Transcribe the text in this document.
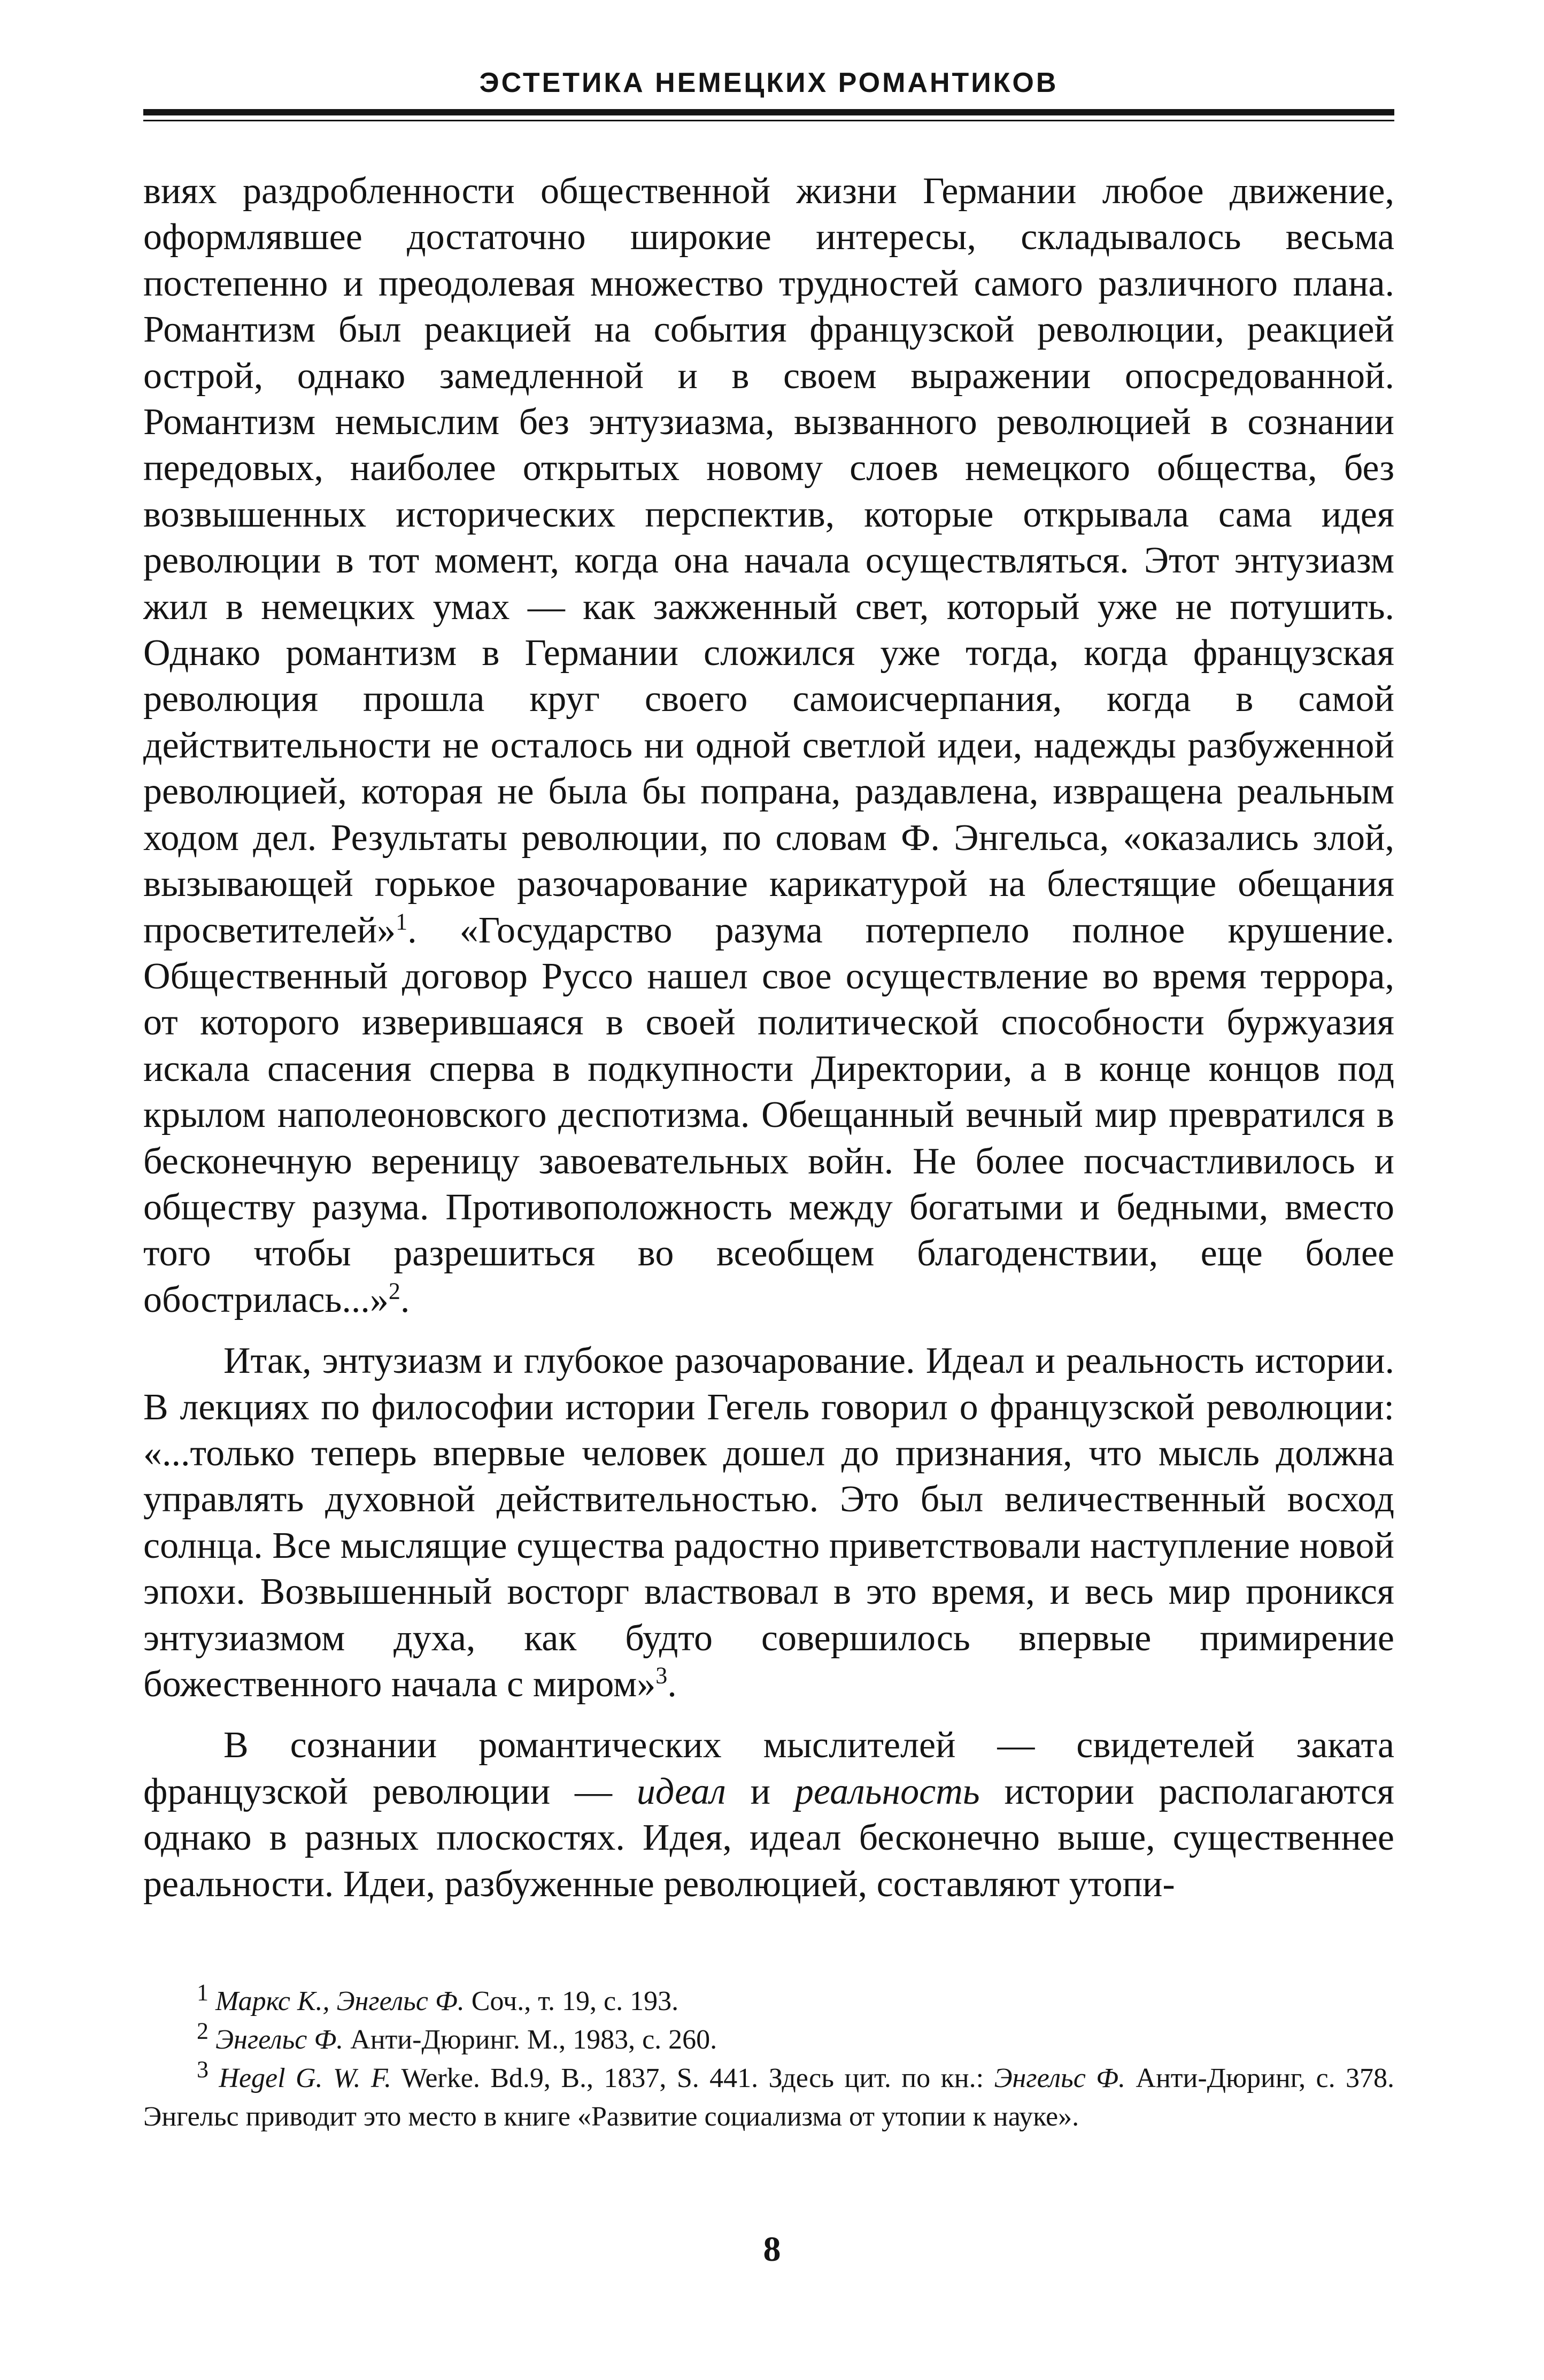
ЭСТЕТИКА НЕМЕЦКИХ РОМАНТИКОВ

виях раздробленности общественной жизни Германии любое движение, оформлявшее достаточно широкие интересы, складывалось весьма постепенно и преодолевая множество трудностей самого различного плана. Романтизм был реакцией на события французской революции, реакцией острой, однако замедленной и в своем выражении опосредованной. Романтизм немыслим без энтузиазма, вызванного революцией в сознании передовых, наиболее открытых новому слоев немецкого общества, без возвышенных исторических перспектив, которые открывала сама идея революции в тот момент, когда она начала осуществляться. Этот энтузиазм жил в немецких умах — как зажженный свет, который уже не потушить. Однако романтизм в Германии сложился уже тогда, когда французская революция прошла круг своего самоисчерпания, когда в самой действительности не осталось ни одной светлой идеи, надежды разбуженной революцией, которая не была бы попрана, раздавлена, извращена реальным ходом дел. Результаты революции, по словам Ф. Энгельса, «оказались злой, вызывающей горькое разочарование карикатурой на блестящие обещания просветителей»$^1$. «Государство разума потерпело полное крушение. Общественный договор Руссо нашел свое осуществление во время террора, от которого изверившаяся в своей политической способности буржуазия искала спасения сперва в подкупности Директории, а в конце концов под крылом наполеоновского деспотизма. Обещанный вечный мир превратился в бесконечную вереницу завоевательных войн. Не более посчастливилось и обществу разума. Противоположность между богатыми и бедными, вместо того чтобы разрешиться во всеобщем благоденствии, еще более обострилась...»$^2$.

Итак, энтузиазм и глубокое разочарование. Идеал и реальность истории. В лекциях по философии истории Гегель говорил о французской революции: «...только теперь впервые человек дошел до признания, что мысль должна управлять духовной действительностью. Это был величественный восход солнца. Все мыслящие существа радостно приветствовали наступление новой эпохи. Возвышенный восторг властвовал в это время, и весь мир проникся энтузиазмом духа, как будто совершилось впервые примирение божественного начала с миром»$^3$.

В сознании романтических мыслителей — свидетелей заката французской революции — идеал и реальность истории располагаются однако в разных плоскостях. Идея, идеал бесконечно выше, существеннее реальности. Идеи, разбуженные революцией, составляют утопи-

$^1$ Маркс К., Энгельс Ф. Соч., т. 19, с. 193.

$^2$ Энгельс Ф. Анти-Дюринг. М., 1983, с. 260.

$^3$ Hegel G. W. F. Werke. Bd.9, B., 1837, S. 441. Здесь цит. по кн.: Энгельс Ф. Анти-Дюринг, с. 378. Энгельс приводит это место в книге «Развитие социализма от утопии к науке».

8
